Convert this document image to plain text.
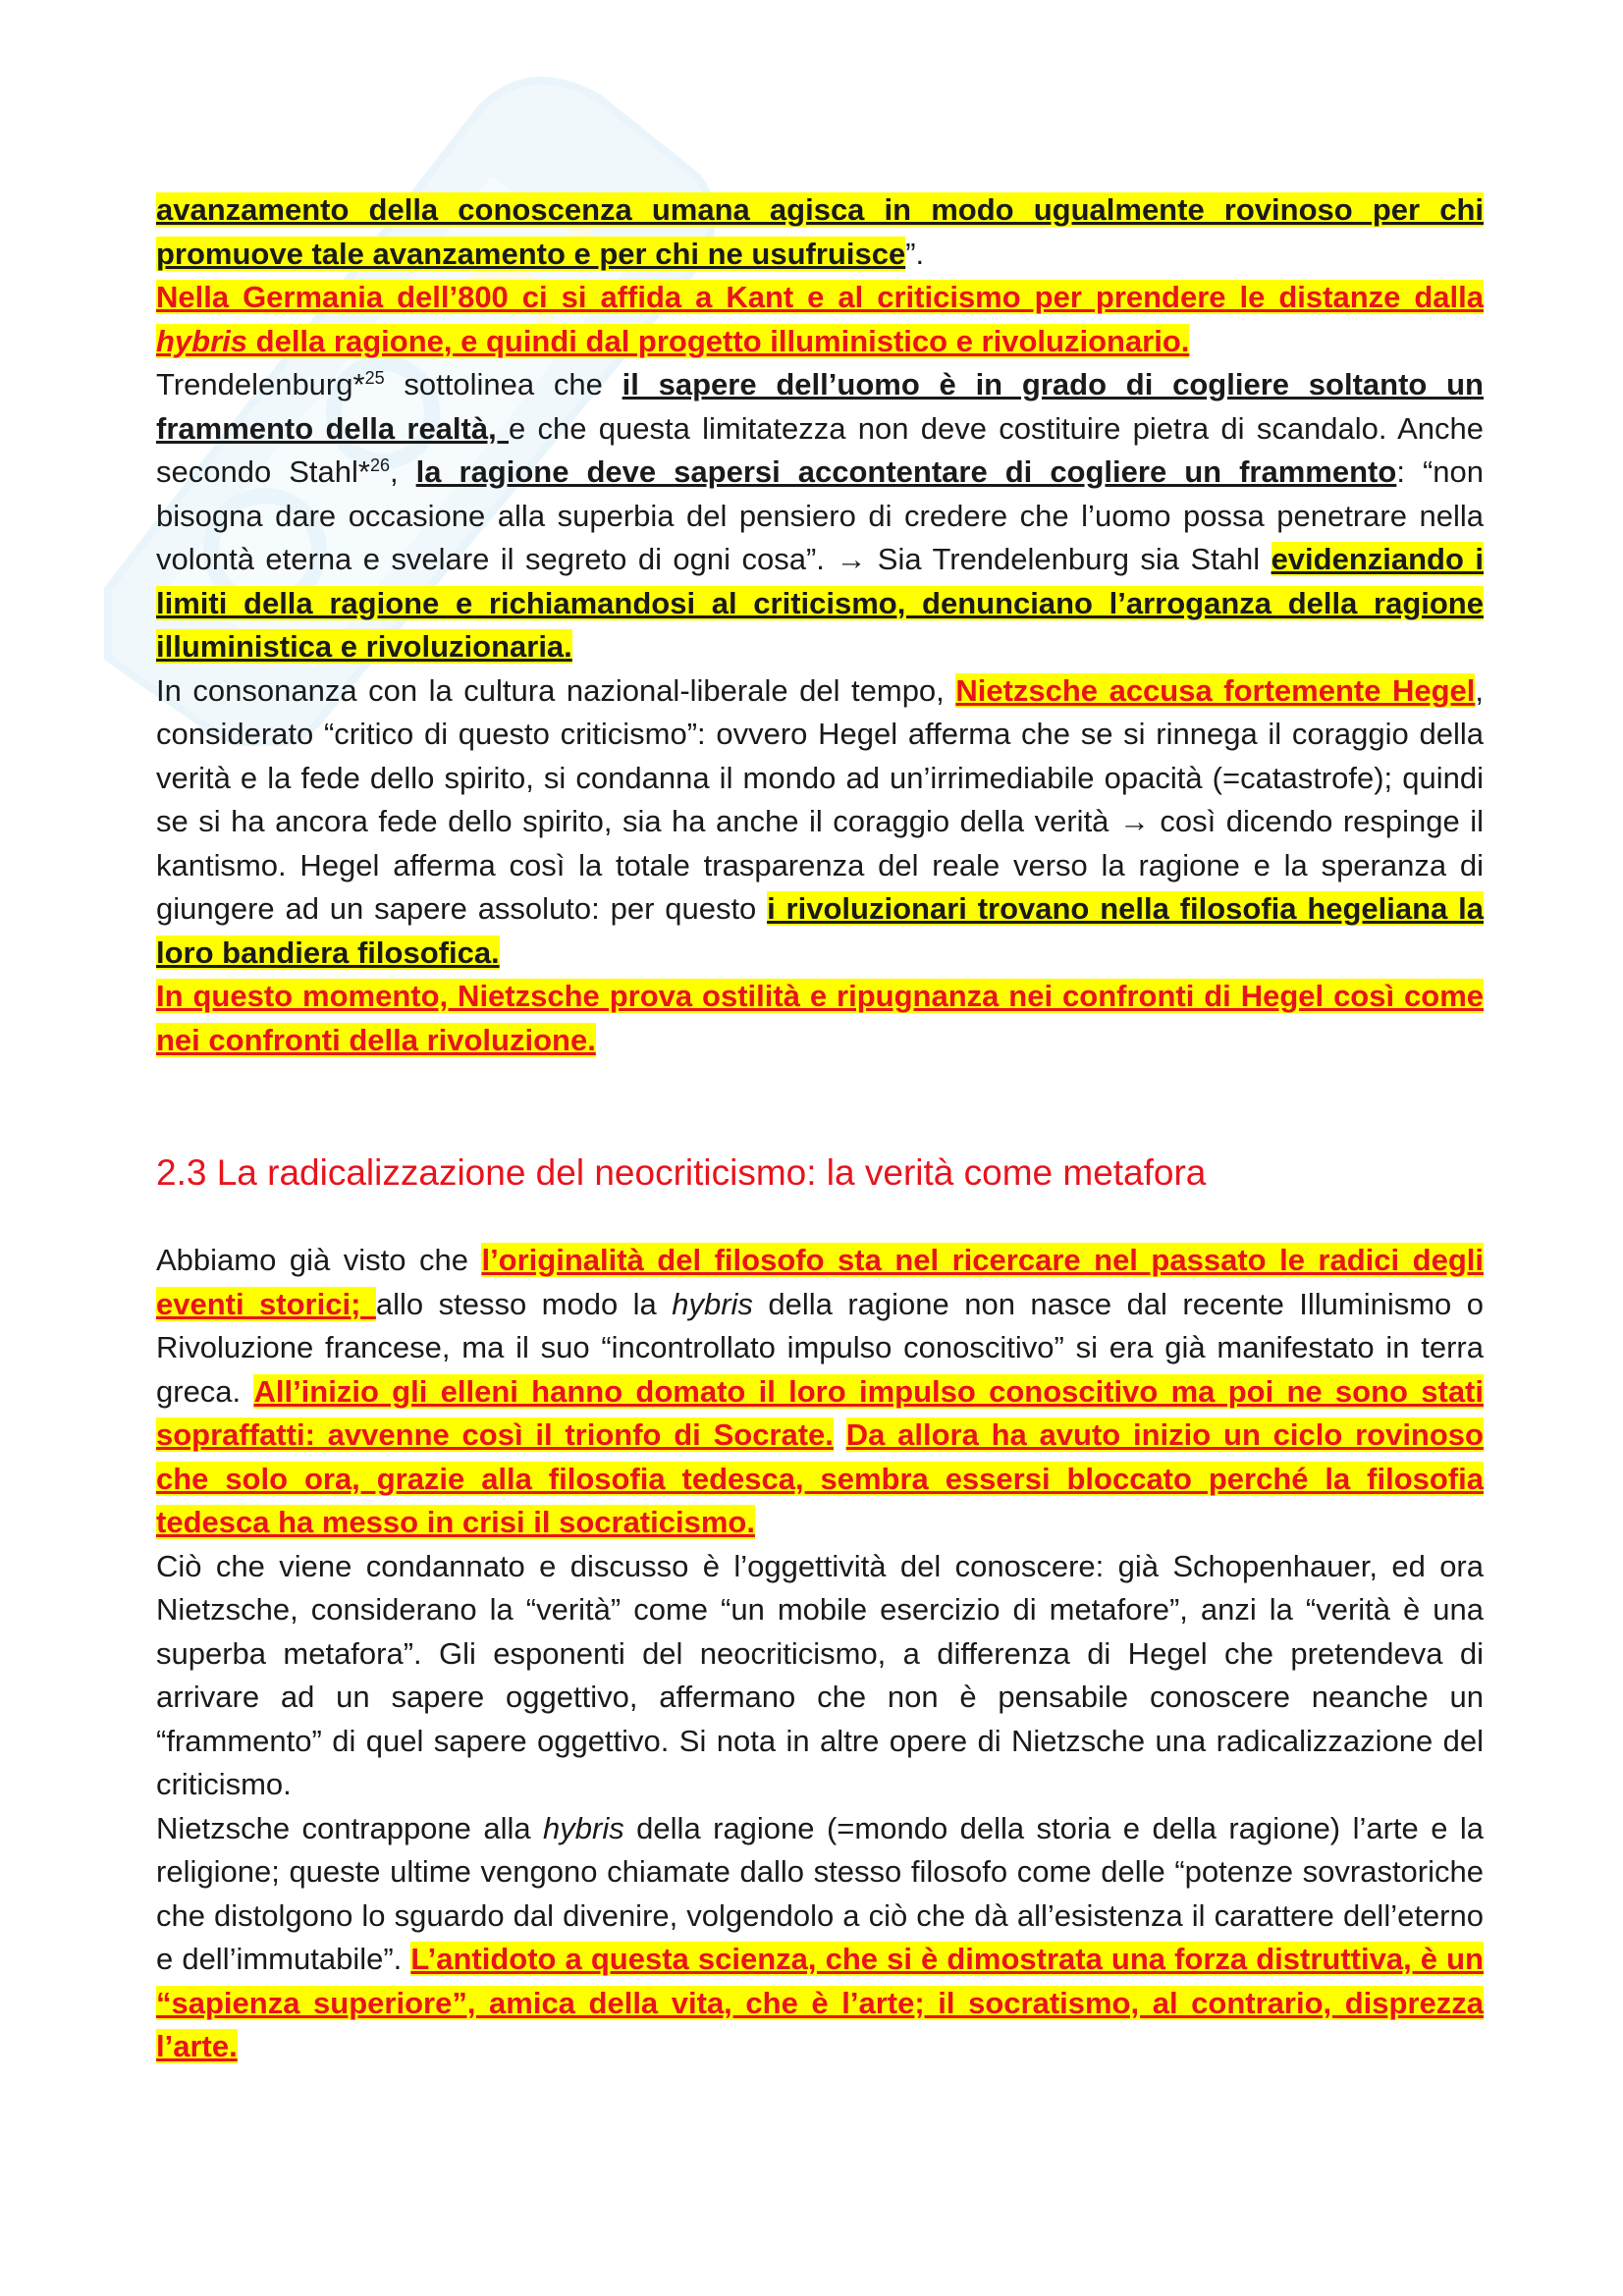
avanzamento della conoscenza umana agisca in modo ugualmente rovinoso per chi promuove tale avanzamento e per chi ne usufruisce”.

Nella Germania dell’800 ci si affida a Kant e al criticismo per prendere le distanze dalla hybris della ragione, e quindi dal progetto illuministico e rivoluzionario.

Trendelenburg*$^{25}$ sottolinea che il sapere dell’uomo è in grado di cogliere soltanto un frammento della realtà, e che questa limitatezza non deve costituire pietra di scandalo. Anche secondo Stahl*$^{26}$, la ragione deve sapersi accontentare di cogliere un frammento: “non bisogna dare occasione alla superbia del pensiero di credere che l’uomo possa penetrare nella volontà eterna e svelare il segreto di ogni cosa”. → Sia Trendelenburg sia Stahl evidenziando i limiti della ragione e richiamandosi al criticismo, denunciano l’arroganza della ragione illuministica e rivoluzionaria.

In consonanza con la cultura nazional-liberale del tempo, Nietzsche accusa fortemente Hegel, considerato “critico di questo criticismo”: ovvero Hegel afferma che se si rinnega il coraggio della verità e la fede dello spirito, si condanna il mondo ad un’irrimediabile opacità (=catastrofe); quindi se si ha ancora fede dello spirito, sia ha anche il coraggio della verità → così dicendo respinge il kantismo. Hegel afferma così la totale trasparenza del reale verso la ragione e la speranza di giungere ad un sapere assoluto: per questo i rivoluzionari trovano nella filosofia hegeliana la loro bandiera filosofica.

In questo momento, Nietzsche prova ostilità e ripugnanza nei confronti di Hegel così come nei confronti della rivoluzione.

2.3 La radicalizzazione del neocriticismo: la verità come metafora

Abbiamo già visto che l’originalità del filosofo sta nel ricercare nel passato le radici degli eventi storici; allo stesso modo la hybris della ragione non nasce dal recente Illuminismo o Rivoluzione francese, ma il suo “incontrollato impulso conoscitivo” si era già manifestato in terra greca. All’inizio gli elleni hanno domato il loro impulso conoscitivo ma poi ne sono stati sopraffatti: avvenne così il trionfo di Socrate. Da allora ha avuto inizio un ciclo rovinoso che solo ora, grazie alla filosofia tedesca, sembra essersi bloccato perché la filosofia tedesca ha messo in crisi il socraticismo.

Ciò che viene condannato e discusso è l’oggettività del conoscere: già Schopenhauer, ed ora Nietzsche, considerano la “verità” come “un mobile esercizio di metafore”, anzi la “verità è una superba metafora”. Gli esponenti del neocriticismo, a differenza di Hegel che pretendeva di arrivare ad un sapere oggettivo, affermano che non è pensabile conoscere neanche un “frammento” di quel sapere oggettivo. Si nota in altre opere di Nietzsche una radicalizzazione del criticismo.

Nietzsche contrappone alla hybris della ragione (=mondo della storia e della ragione) l’arte e la religione; queste ultime vengono chiamate dallo stesso filosofo come delle “potenze sovrastoriche che distolgono lo sguardo dal divenire, volgendolo a ciò che dà all’esistenza il carattere dell’eterno e dell’immutabile”. L’antidoto a questa scienza, che si è dimostrata una forza distruttiva, è un “sapienza superiore”, amica della vita, che è l’arte; il socratismo, al contrario, disprezza l’arte.
